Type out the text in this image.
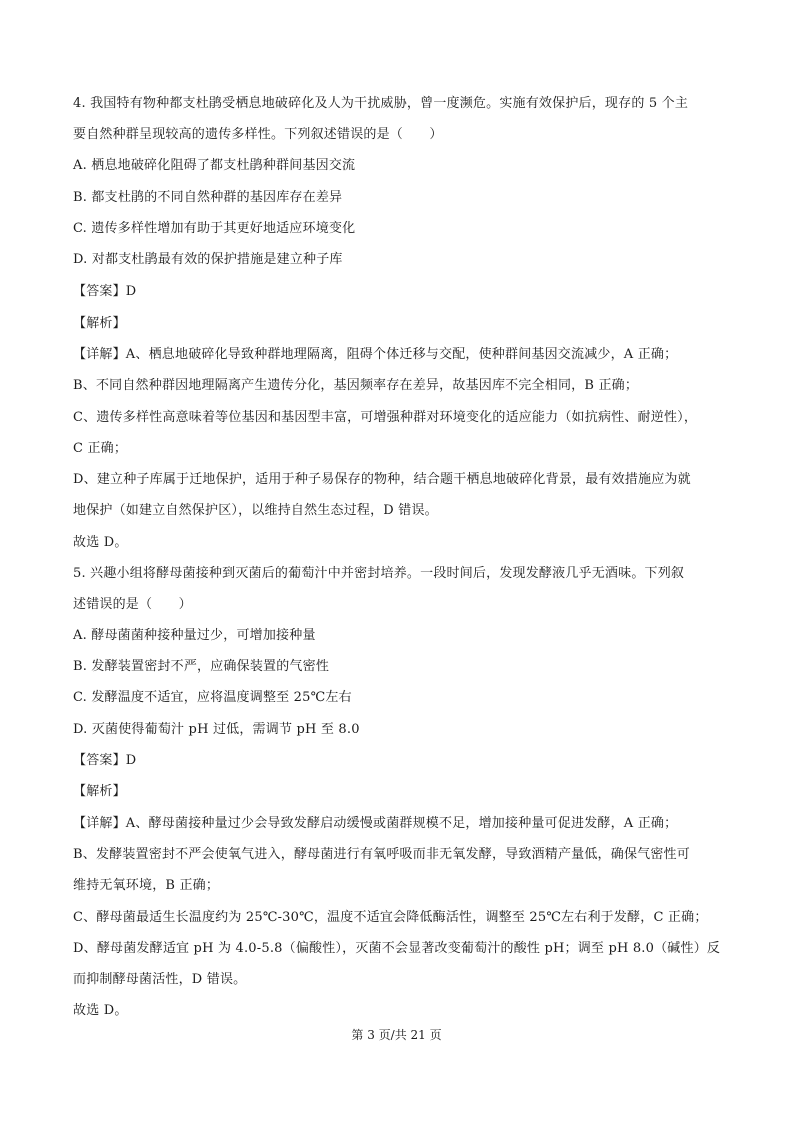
4. 我国特有物种都支杜鹃受栖息地破碎化及人为干扰威胁，曾一度濒危。实施有效保护后，现存的 5 个主
要自然种群呈现较高的遗传多样性。下列叙述错误的是（　　）
A. 栖息地破碎化阻碍了都支杜鹃种群间基因交流
B. 都支杜鹃的不同自然种群的基因库存在差异
C. 遗传多样性增加有助于其更好地适应环境变化
D. 对都支杜鹃最有效的保护措施是建立种子库
【答案】D
【解析】
【详解】A、栖息地破碎化导致种群地理隔离，阻碍个体迁移与交配，使种群间基因交流减少，A 正确；
B、不同自然种群因地理隔离产生遗传分化，基因频率存在差异，故基因库不完全相同，B 正确；
C、遗传多样性高意味着等位基因和基因型丰富，可增强种群对环境变化的适应能力（如抗病性、耐逆性），
C 正确；
D、建立种子库属于迁地保护，适用于种子易保存的物种，结合题干栖息地破碎化背景，最有效措施应为就
地保护（如建立自然保护区），以维持自然生态过程，D 错误。
故选 D。
5. 兴趣小组将酵母菌接种到灭菌后的葡萄汁中并密封培养。一段时间后，发现发酵液几乎无酒味。下列叙
述错误的是（　　）
A. 酵母菌菌种接种量过少，可增加接种量
B. 发酵装置密封不严，应确保装置的气密性
C. 发酵温度不适宜，应将温度调整至 25℃左右
D. 灭菌使得葡萄汁 pH 过低，需调节 pH 至 8.0
【答案】D
【解析】
【详解】A、酵母菌接种量过少会导致发酵启动缓慢或菌群规模不足，增加接种量可促进发酵，A 正确；
B、发酵装置密封不严会使氧气进入，酵母菌进行有氧呼吸而非无氧发酵，导致酒精产量低，确保气密性可
维持无氧环境，B 正确；
C、酵母菌最适生长温度约为 25℃-30℃，温度不适宜会降低酶活性，调整至 25℃左右利于发酵，C 正确；
D、酵母菌发酵适宜 pH 为 4.0-5.8（偏酸性），灭菌不会显著改变葡萄汁的酸性 pH；调至 pH 8.0（碱性）反
而抑制酵母菌活性，D 错误。
故选 D。
第 3 页/共 21 页
